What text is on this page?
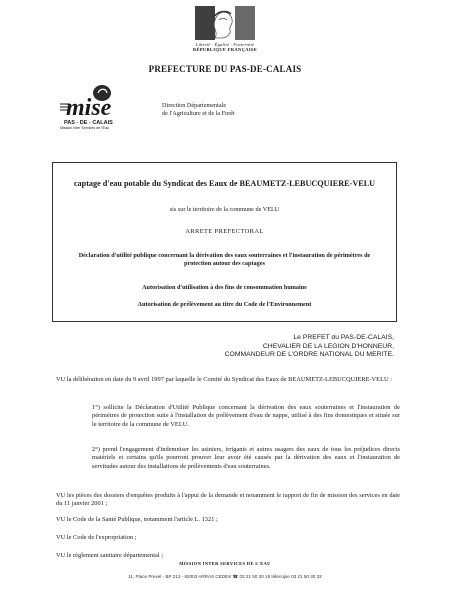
Liberté · Égalité · Fraternité
RÉPUBLIQUE FRANÇAISE
PREFECTURE DU PAS-DE-CALAIS
mise
PAS - DE - CALAIS
Mission Inter Services de l'Eau
Direction Départementale
de l'Agriculture et de la Forêt
captage d'eau potable du Syndicat des Eaux de BEAUMETZ-LEBUCQUIERE-VELU
sis sur le territoire de la commune de VELU
ARRETE PREFECTORAL
Déclaration d'utilité publique concernant la dérivation des eaux souterraines et l'instauration de périmètres de protection autour des captages
Autorisation d'utilisation à des fins de consommation humaine
Autorisation de prélèvement au titre du Code de l'Environnement
Le PREFET du PAS-DE-CALAIS,
CHEVALIER DE LA LEGION D'HONNEUR,
COMMANDEUR DE L'ORDRE NATIONAL DU MERITE.
VU la délibération en date du 9 avril 1997 par laquelle le Comité du Syndicat des Eaux de BEAUMETZ-LEBUCQUIERE-VELU :
1°) sollicite la Déclaration d'Utilité Publique concernant la dérivation des eaux souterraines et l'instauration de périmètres de protection suite à l'installation de prélèvement d'eau de nappe, utilisé à des fins domestiques et située sur le territoire de la commune de VELU.
2°) prend l'engagement d'indemniser les usiniers, irrigants et autres usagers des eaux de tous les préjudices directs matériels et certains qu'ils pourront prouver leur avoir été causés par la dérivation des eaux et l'instauration de servitudes autour des installations de prélèvements d'eau souterraines.
VU les pièces des dossiers d'enquêtes produits à l'appui de la demande et notamment le rapport de fin de mission des services en date du 11 janvier 2001 ;
VU le Code de la Santé Publique, notamment l'article L. 1321 ;
VU le Code de l'expropriation ;
VU le règlement sanitaire départemental ;
MISSION INTER SERVICES DE L'EAU
11, Place Prevel - BP 213 - 62003 ARRAS CEDEX ☎ 03 21 50 30 18 télécopie 03 21 50 30 32
